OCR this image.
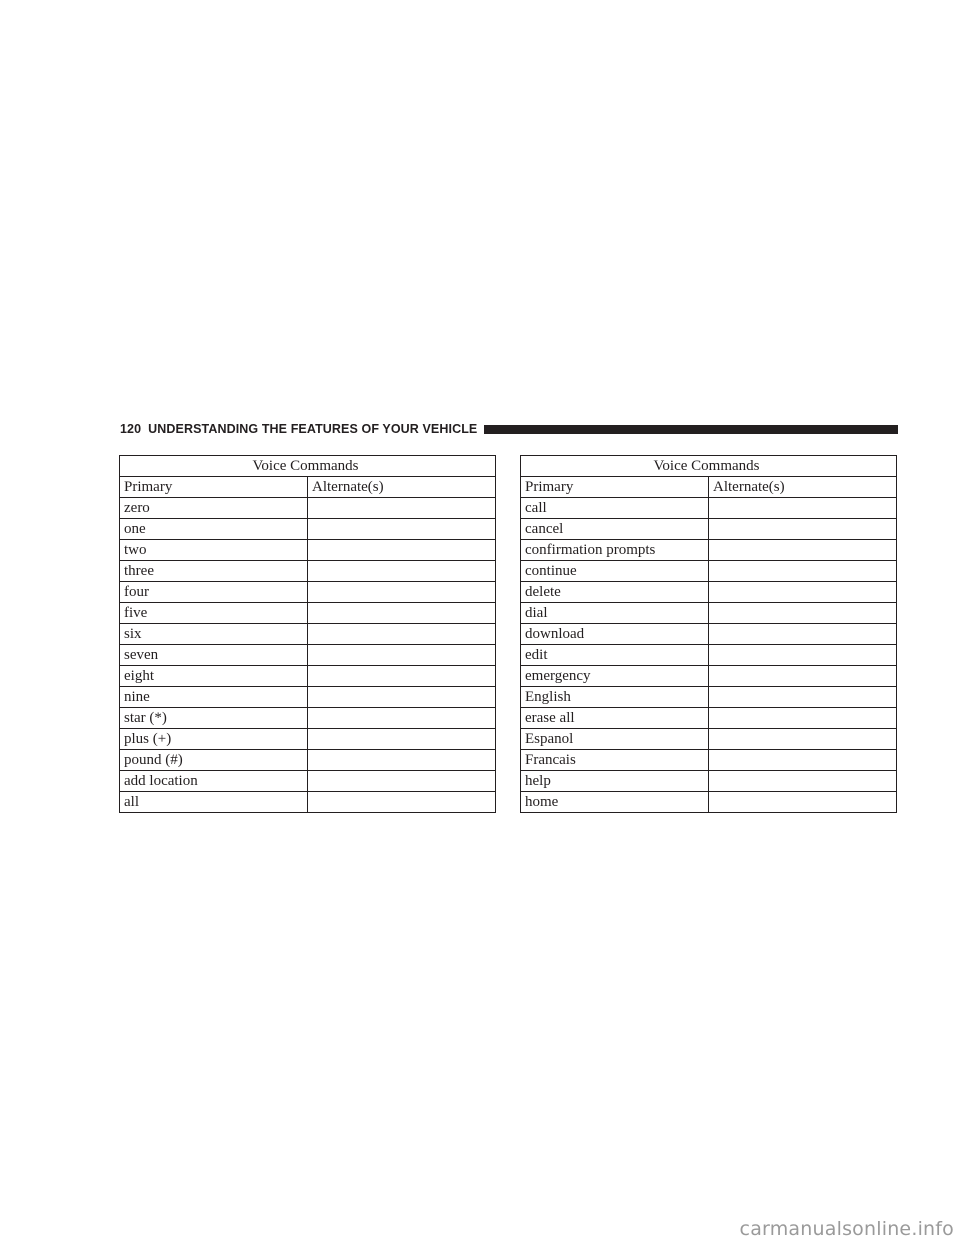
120 UNDERSTANDING THE FEATURES OF YOUR VEHICLE
Voice Commands	
Primary	Alternate(s)
zero	
one	
two	
three	
four	
five	
six	
seven	
eight	
nine	
star (*)	
plus (+)	
pound (#)	
add location	
all	
Voice Commands	
Primary	Alternate(s)
call	
cancel	
confirmation prompts	
continue	
delete	
dial	
download	
edit	
emergency	
English	
erase all	
Espanol	
Francais	
help	
home	
carmanualsonline.info
